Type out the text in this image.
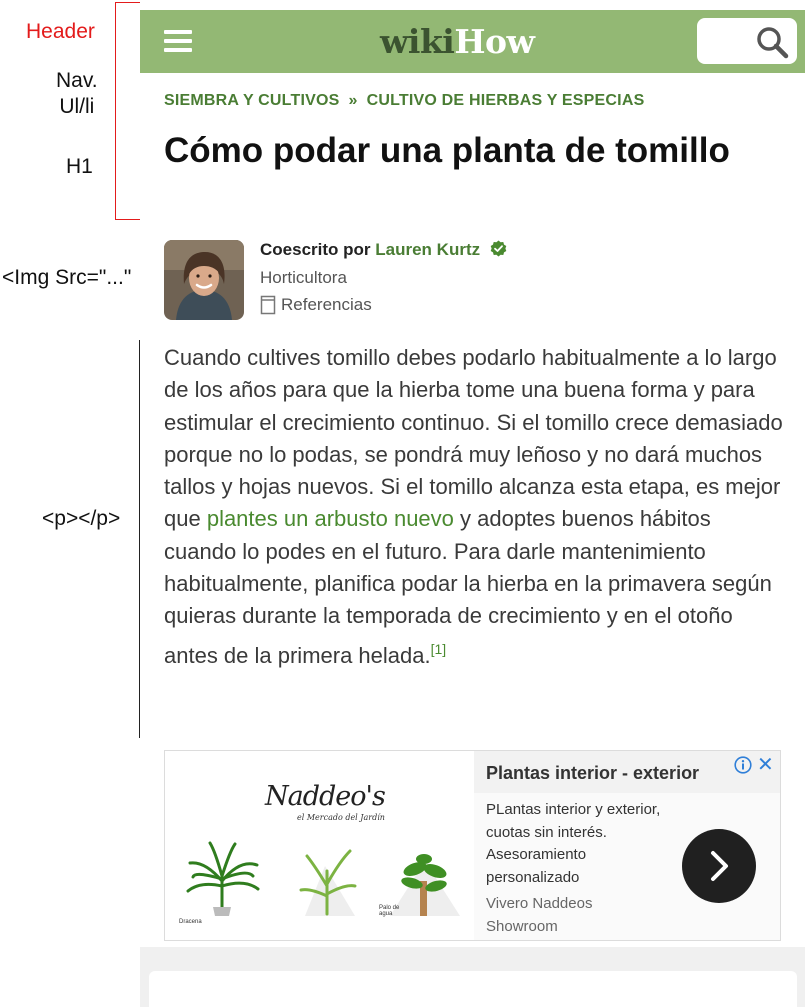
Header
Nav.
Ul/li
H1
<Img Src="..."
<p></p>
wikiHow
SIEMBRA Y CULTIVOS » CULTIVO DE HIERBAS Y ESPECIAS
Cómo podar una planta de tomillo
Coescrito por Lauren Kurtz
Horticultora
Referencias

Cuando cultives tomillo debes podarlo habitualmente a lo largo de los años para que la hierba tome una buena forma y para estimular el crecimiento continuo. Si el tomillo crece demasiado porque no lo podas, se pondrá muy leñoso y no dará muchos tallos y hojas nuevos. Si el tomillo alcanza esta etapa, es mejor que plantes un arbusto nuevo y adoptes buenos hábitos cuando lo podes en el futuro. Para darle mantenimiento habitualmente, planifica podar la hierba en la primavera según quieras durante la temporada de crecimiento y en el otoño antes de la primera helada.[1]

Naddeo's
el Mercado del Jardín
Dracena
Palo de agua
Plantas interior - exterior	✕
PLantas interior y exterior, cuotas sin interés. Asesoramiento personalizado
Vivero Naddeos Showroom
